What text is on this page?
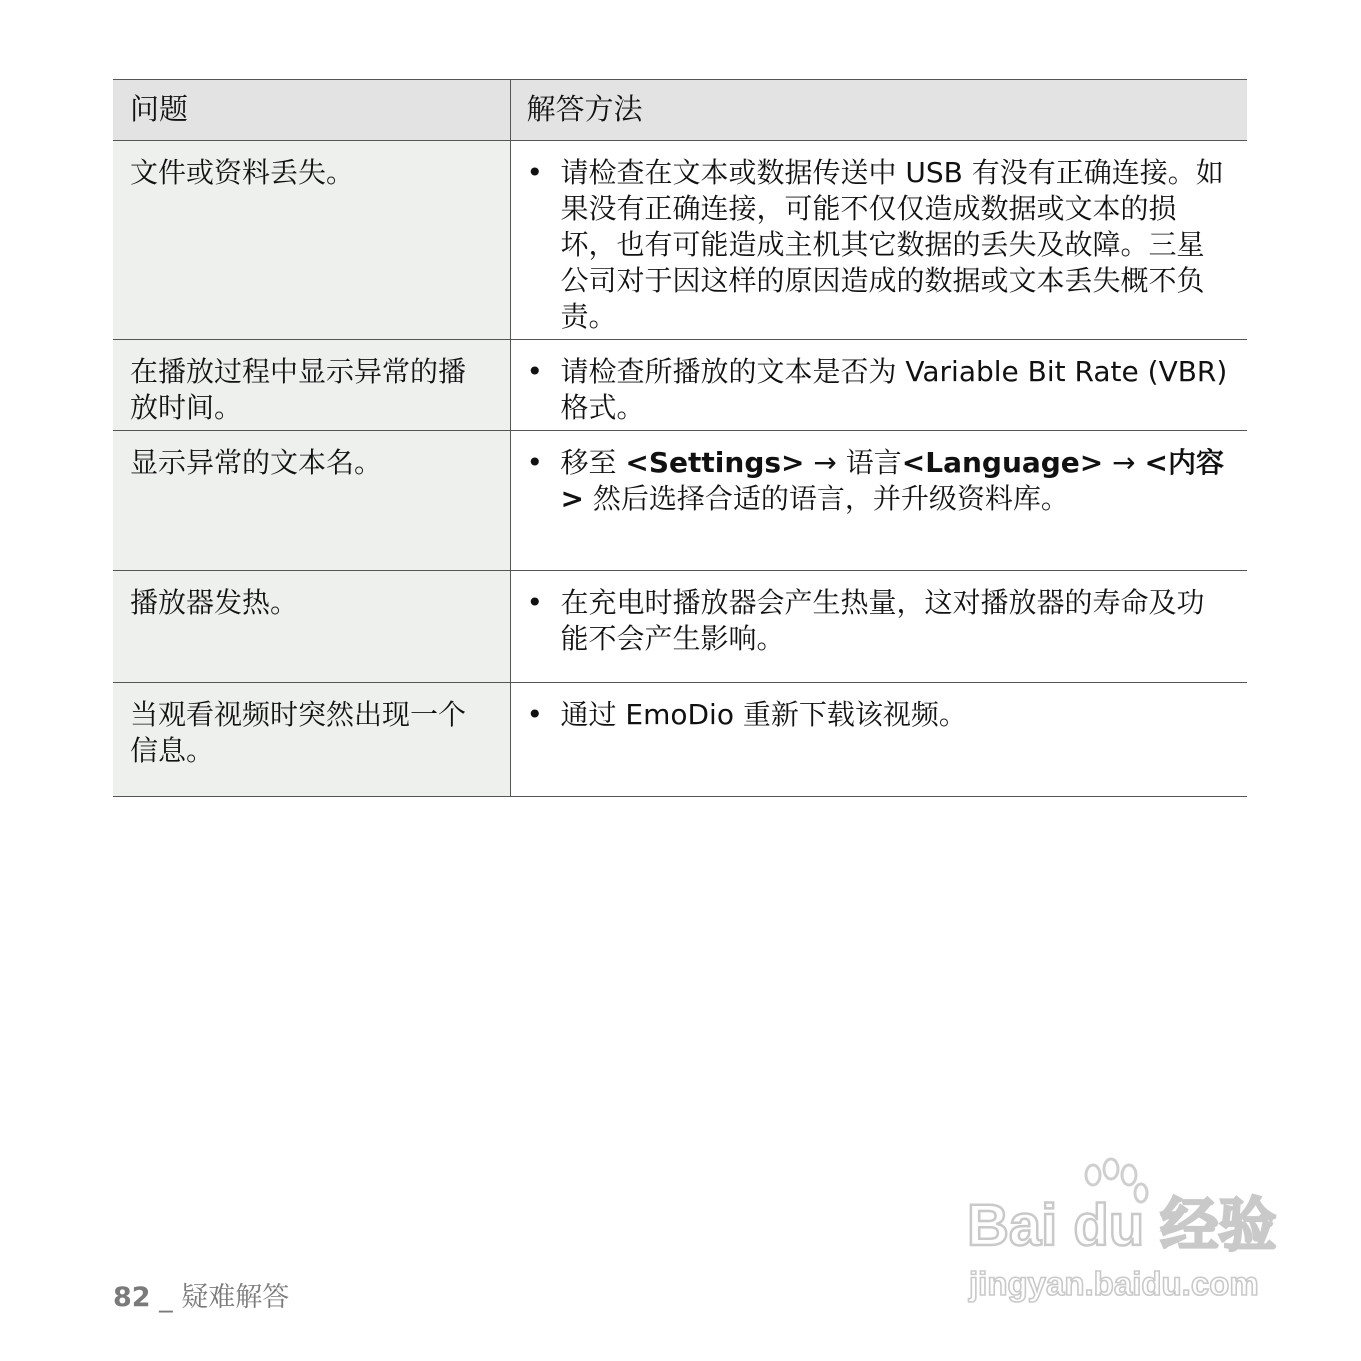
问题	解答方法
文件或资料丢失。	• 请检查在文本或数据传送中 USB 有没有正确连接。如果没有正确连接，可能不仅仅造成数据或文本的损坏，也有可能造成主机其它数据的丢失及故障。三星公司对于因这样的原因造成的数据或文本丢失概不负责。

在播放过程中显示异常的播放时间。	• 请检查所播放的文本是否为 Variable Bit Rate (VBR) 格式。

显示异常的文本名。	• 移至 <Settings> → 语言<Language> → <内容> 然后选择合适的语言，并升级资料库。

播放器发热。	• 在充电时播放器会产生热量，这对播放器的寿命及功能不会产生影响。

当观看视频时突然出现一个信息。	• 通过 EmoDio 重新下载该视频。
82 _ 疑难解答
Bai du 经验
jingyan.baidu.com
